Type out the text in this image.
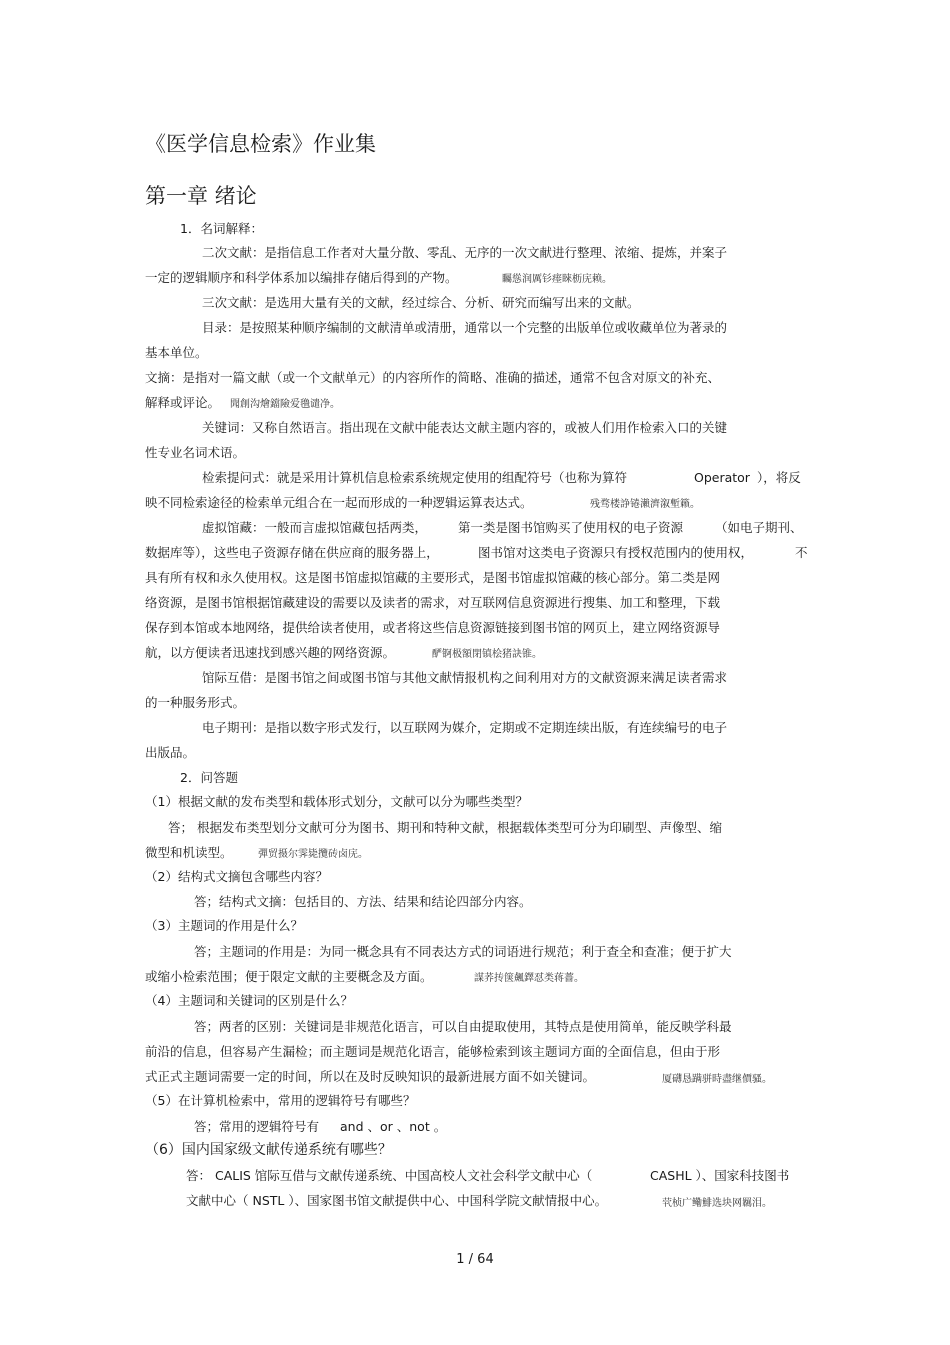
《医学信息检索》作业集
第一章 绪论
1．名词解释：
二次文献：是指信息工作者对大量分散、零乱、无序的一次文献进行整理、浓缩、提炼，并案子
一定的逻辑顺序和科学体系加以编排存储后得到的产物。	矚慫润厲钐瘗睞枥庑赖。
三次文献：是选用大量有关的文献，经过综合、分析、研究而编写出来的文献。
目录：是按照某种顺序编制的文献清单或清册，通常以一个完整的出版单位或收藏单位为著录的
基本单位。
文摘：是指对一篇文献（或一个文献单元）的内容所作的简略、准确的描述，通常不包含对原文的补充、
解释或评论。 聞創沟燴鐺險爱氇谴净。
关键词：又称自然语言。指出现在文献中能表达文献主题内容的，或被人们用作检索入口的关键
性专业名词术语。
检索提问式：就是采用计算机信息检索系统规定使用的组配符号（也称为算符	Operator ），将反
映不同检索途径的检索单元组合在一起而形成的一种逻辑运算表达式。	残骛楼諍锩瀨濟溆塹籟。
虚拟馆藏：一般而言虚拟馆藏包括两类， 第一类是图书馆购买了使用权的电子资源	（如电子期刊、
数据库等），这些电子资源存储在供应商的服务器上，	图书馆对这类电子资源只有授权范围内的使用权，	不
具有所有权和永久使用权。这是图书馆虚拟馆藏的主要形式，是图书馆虚拟馆藏的核心部分。第二类是网
络资源，是图书馆根据馆藏建设的需要以及读者的需求，对互联网信息资源进行搜集、加工和整理，下载
保存到本馆或本地网络，提供给读者使用，或者将这些信息资源链接到图书馆的网页上，建立网络资源导
航，以方便读者迅速找到感兴趣的网络资源。	酽锕极額閉镇桧猪訣锥。
馆际互借：是图书馆之间或图书馆与其他文献情报机构之间利用对方的文献资源来满足读者需求
的一种服务形式。
电子期刊：是指以数字形式发行，以互联网为媒介，定期或不定期连续出版，有连续编号的电子
出版品。
2．问答题
（1）根据文献的发布类型和载体形式划分，文献可以分为哪些类型？
答； 根据发布类型划分文献可分为图书、期刊和特种文献，根据载体类型可分为印刷型、声像型、缩
微型和机读型。	彈贸摄尔霁毙攬砖卤庑。
（2）结构式文摘包含哪些内容？
答；结构式文摘：包括目的、方法、结果和结论四部分内容。
（3）主题词的作用是什么？
答；主题词的作用是：为同一概念具有不同表达方式的词语进行规范；利于查全和查准；便于扩大
或缩小检索范围；便于限定文献的主要概念及方面。	謀荞抟箧飆鐸怼类蒋薔。
（4）主题词和关键词的区别是什么？
答；两者的区别：关键词是非规范化语言，可以自由提取使用，其特点是使用简单，能反映学科最
前沿的信息，但容易产生漏检；而主题词是规范化语言，能够检索到该主题词方面的全面信息，但由于形
式正式主题词需要一定的时间，所以在及时反映知识的最新进展方面不如关键词。	厦礴恳蹒骈時盡继價骚。
（5）在计算机检索中，常用的逻辑符号有哪些？
答；常用的逻辑符号有 and 、or 、not 。
（6）国内国家级文献传递系统有哪些？
答： CALIS 馆际互借与文献传递系统、中国高校人文社会科学文献中心（	CASHL ）、国家科技图书
文献中心（ NSTL ）、国家图书馆文献提供中心、中国科学院文献情报中心。	茕桢广鳓鯡选块网羈泪。
1 / 64
